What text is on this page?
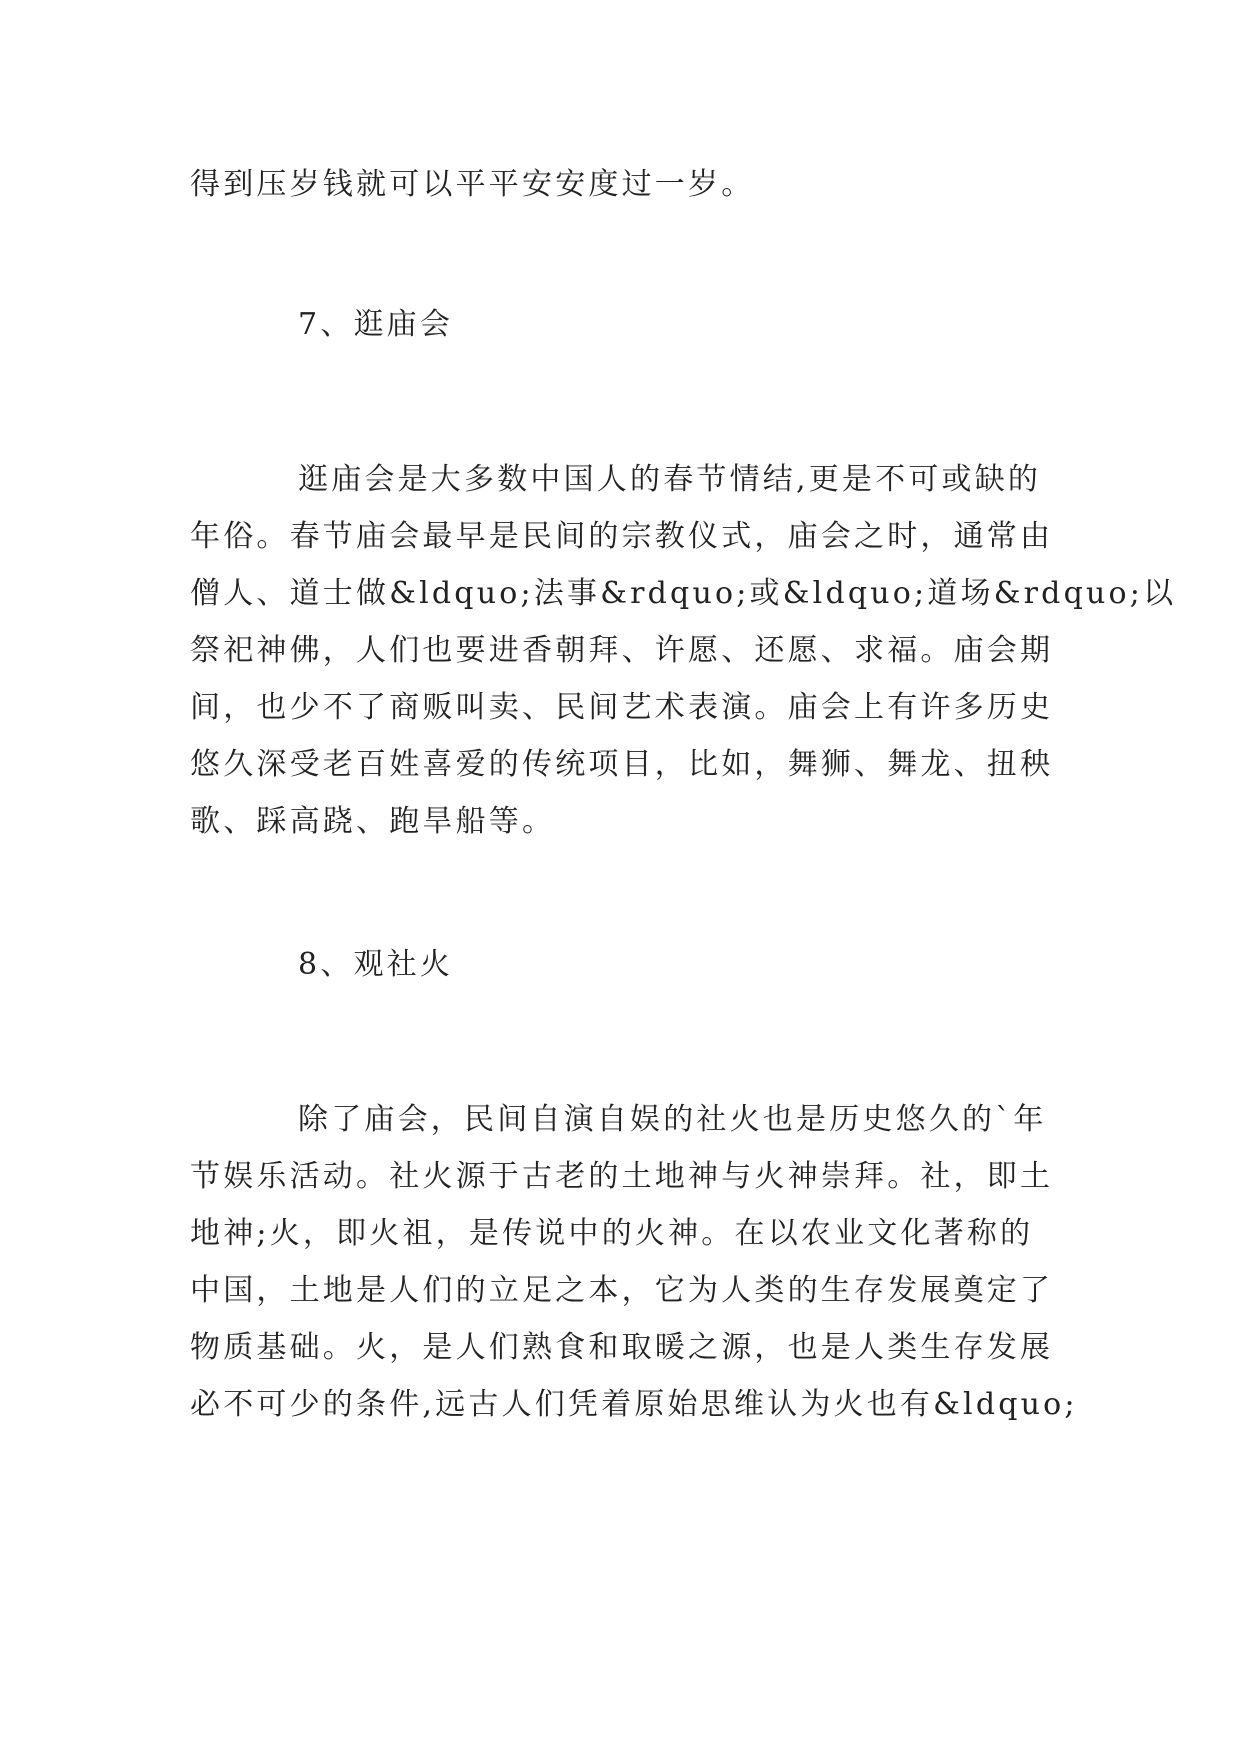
得到压岁钱就可以平平安安度过一岁。
7、逛庙会
逛庙会是大多数中国人的春节情结,更是不可或缺的
年俗。春节庙会最早是民间的宗教仪式，庙会之时，通常由
僧人、道士做&ldquo;法事&rdquo;或&ldquo;道场&rdquo;以
祭祀神佛，人们也要进香朝拜、许愿、还愿、求福。庙会期
间，也少不了商贩叫卖、民间艺术表演。庙会上有许多历史
悠久深受老百姓喜爱的传统项目，比如，舞狮、舞龙、扭秧
歌、踩高跷、跑旱船等。
8、观社火
除了庙会，民间自演自娱的社火也是历史悠久的`年
节娱乐活动。社火源于古老的土地神与火神崇拜。社，即土
地神;火，即火祖，是传说中的火神。在以农业文化著称的
中国，土地是人们的立足之本，它为人类的生存发展奠定了
物质基础。火，是人们熟食和取暖之源，也是人类生存发展
必不可少的条件,远古人们凭着原始思维认为火也有&ldquo;
